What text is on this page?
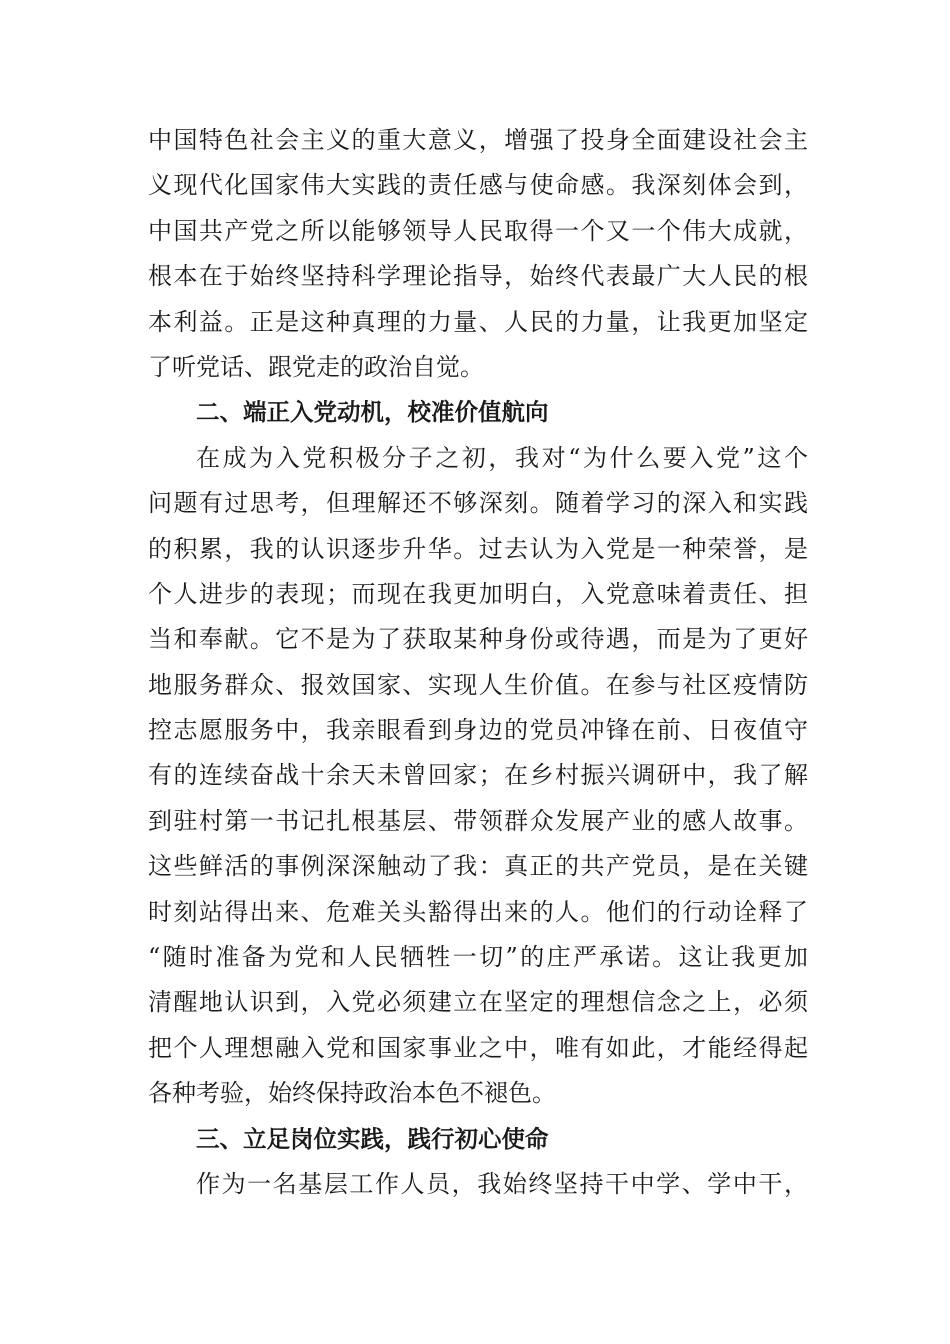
中国特色社会主义的重大意义，增强了投身全面建设社会主
义现代化国家伟大实践的责任感与使命感。我深刻体会到，
中国共产党之所以能够领导人民取得一个又一个伟大成就，
根本在于始终坚持科学理论指导，始终代表最广大人民的根
本利益。正是这种真理的力量、人民的力量，让我更加坚定
了听党话、跟党走的政治自觉。
二、端正入党动机，校准价值航向
在成为入党积极分子之初，我对“为什么要入党”这个
问题有过思考，但理解还不够深刻。随着学习的深入和实践
的积累，我的认识逐步升华。过去认为入党是一种荣誉，是
个人进步的表现；而现在我更加明白，入党意味着责任、担
当和奉献。它不是为了获取某种身份或待遇，而是为了更好
地服务群众、报效国家、实现人生价值。在参与社区疫情防
控志愿服务中，我亲眼看到身边的党员冲锋在前、日夜值守
有的连续奋战十余天未曾回家；在乡村振兴调研中，我了解
到驻村第一书记扎根基层、带领群众发展产业的感人故事。
这些鲜活的事例深深触动了我：真正的共产党员，是在关键
时刻站得出来、危难关头豁得出来的人。他们的行动诠释了
“随时准备为党和人民牺牲一切”的庄严承诺。这让我更加
清醒地认识到，入党必须建立在坚定的理想信念之上，必须
把个人理想融入党和国家事业之中，唯有如此，才能经得起
各种考验，始终保持政治本色不褪色。
三、立足岗位实践，践行初心使命
作为一名基层工作人员，我始终坚持干中学、学中干，
